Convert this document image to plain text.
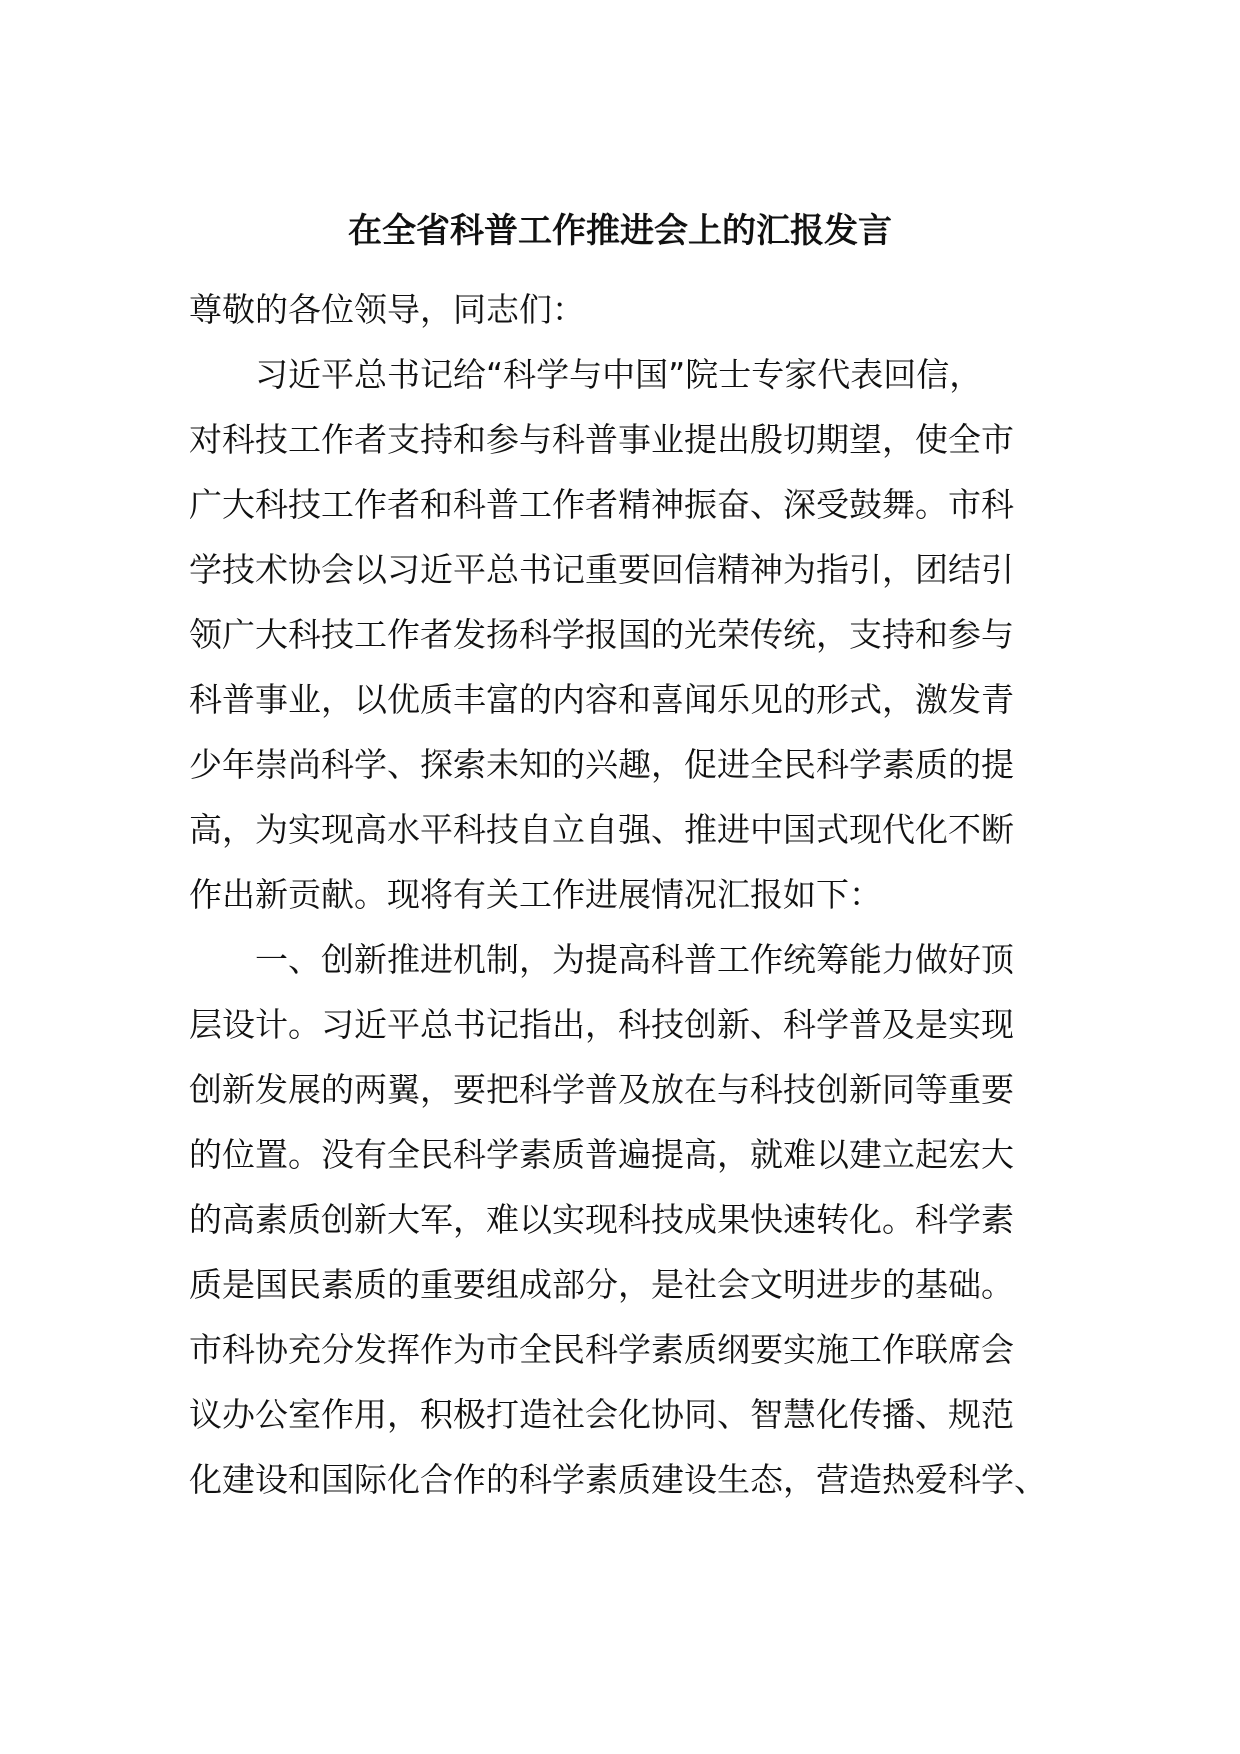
在全省科普工作推进会上的汇报发言

尊敬的各位领导，同志们：

习近平总书记给“科学与中国”院士专家代表回信，

对科技工作者支持和参与科普事业提出殷切期望，使全市

广大科技工作者和科普工作者精神振奋、深受鼓舞。市科

学技术协会以习近平总书记重要回信精神为指引，团结引

领广大科技工作者发扬科学报国的光荣传统，支持和参与

科普事业，以优质丰富的内容和喜闻乐见的形式，激发青

少年崇尚科学、探索未知的兴趣，促进全民科学素质的提

高，为实现高水平科技自立自强、推进中国式现代化不断

作出新贡献。现将有关工作进展情况汇报如下：

一、创新推进机制，为提高科普工作统筹能力做好顶

层设计。习近平总书记指出，科技创新、科学普及是实现

创新发展的两翼，要把科学普及放在与科技创新同等重要

的位置。没有全民科学素质普遍提高，就难以建立起宏大

的高素质创新大军，难以实现科技成果快速转化。科学素

质是国民素质的重要组成部分，是社会文明进步的基础。

市科协充分发挥作为市全民科学素质纲要实施工作联席会

议办公室作用，积极打造社会化协同、智慧化传播、规范

化建设和国际化合作的科学素质建设生态，营造热爱科学、
